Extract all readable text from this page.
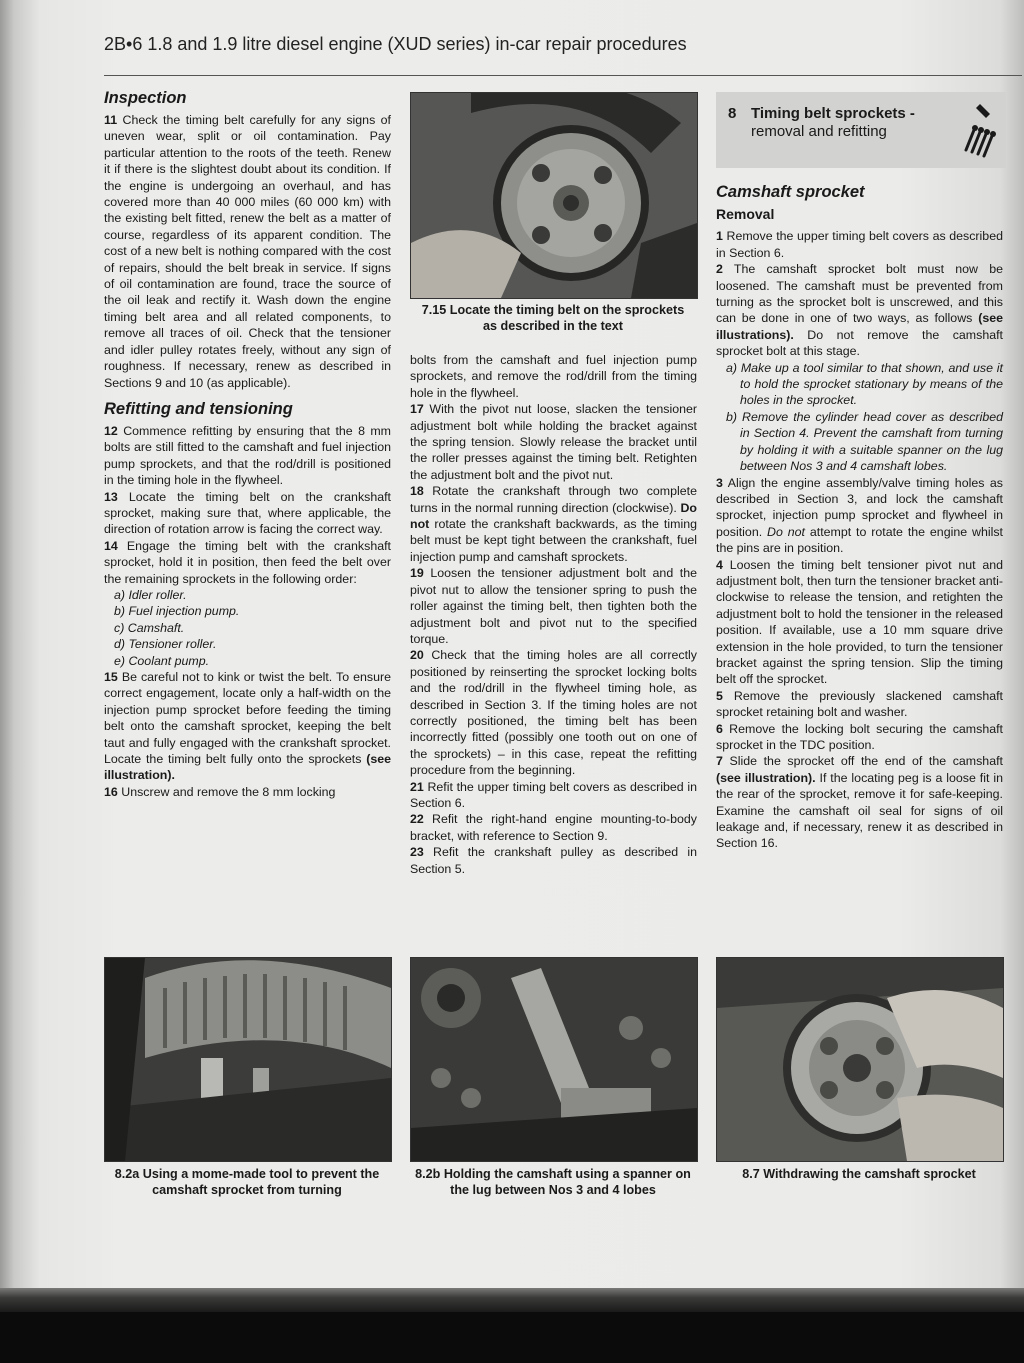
2B•6 1.8 and 1.9 litre diesel engine (XUD series) in-car repair procedures
Inspection

11 Check the timing belt carefully for any signs of uneven wear, split or oil contamination. Pay particular attention to the roots of the teeth. Renew it if there is the slightest doubt about its condition. If the engine is undergoing an overhaul, and has covered more than 40 000 miles (60 000 km) with the existing belt fitted, renew the belt as a matter of course, regardless of its apparent condition. The cost of a new belt is nothing compared with the cost of repairs, should the belt break in service. If signs of oil contamination are found, trace the source of the oil leak and rectify it. Wash down the engine timing belt area and all related components, to remove all traces of oil. Check that the tensioner and idler pulley rotates freely, without any sign of roughness. If necessary, renew as described in Sections 9 and 10 (as applicable).

Refitting and tensioning

12 Commence refitting by ensuring that the 8 mm bolts are still fitted to the camshaft and fuel injection pump sprockets, and that the rod/drill is positioned in the timing hole in the flywheel.

13 Locate the timing belt on the crankshaft sprocket, making sure that, where applicable, the direction of rotation arrow is facing the correct way.

14 Engage the timing belt with the crankshaft sprocket, hold it in position, then feed the belt over the remaining sprockets in the following order:

a) Idler roller.
b) Fuel injection pump.
c) Camshaft.
d) Tensioner roller.
e) Coolant pump.

15 Be careful not to kink or twist the belt. To ensure correct engagement, locate only a half-width on the injection pump sprocket before feeding the timing belt onto the camshaft sprocket, keeping the belt taut and fully engaged with the crankshaft sprocket. Locate the timing belt fully onto the sprockets (see illustration).

16 Unscrew and remove the 8 mm locking

7.15 Locate the timing belt on the sprockets as described in the text

bolts from the camshaft and fuel injection pump sprockets, and remove the rod/drill from the timing hole in the flywheel.

17 With the pivot nut loose, slacken the tensioner adjustment bolt while holding the bracket against the spring tension. Slowly release the bracket until the roller presses against the timing belt. Retighten the adjustment bolt and the pivot nut.

18 Rotate the crankshaft through two complete turns in the normal running direction (clockwise). Do not rotate the crankshaft backwards, as the timing belt must be kept tight between the crankshaft, fuel injection pump and camshaft sprockets.

19 Loosen the tensioner adjustment bolt and the pivot nut to allow the tensioner spring to push the roller against the timing belt, then tighten both the adjustment bolt and pivot nut to the specified torque.

20 Check that the timing holes are all correctly positioned by reinserting the sprocket locking bolts and the rod/drill in the flywheel timing hole, as described in Section 3. If the timing holes are not correctly positioned, the timing belt has been incorrectly fitted (possibly one tooth out on one of the sprockets) – in this case, repeat the refitting procedure from the beginning.

21 Refit the upper timing belt covers as described in Section 6.

22 Refit the right-hand engine mounting-to-body bracket, with reference to Section 9.

23 Refit the crankshaft pulley as described in Section 5.

8 Timing belt sprockets -
removal and refitting
Camshaft sprocket
Removal

1 Remove the upper timing belt covers as described in Section 6.

2 The camshaft sprocket bolt must now be loosened. The camshaft must be prevented from turning as the sprocket bolt is unscrewed, and this can be done in one of two ways, as follows (see illustrations). Do not remove the camshaft sprocket bolt at this stage.

a) Make up a tool similar to that shown, and use it to hold the sprocket stationary by means of the holes in the sprocket.
b) Remove the cylinder head cover as described in Section 4. Prevent the camshaft from turning by holding it with a suitable spanner on the lug between Nos 3 and 4 camshaft lobes.

3 Align the engine assembly/valve timing holes as described in Section 3, and lock the camshaft sprocket, injection pump sprocket and flywheel in position. Do not attempt to rotate the engine whilst the pins are in position.

4 Loosen the timing belt tensioner pivot nut and adjustment bolt, then turn the tensioner bracket anti-clockwise to release the tension, and retighten the adjustment bolt to hold the tensioner in the released position. If available, use a 10 mm square drive extension in the hole provided, to turn the tensioner bracket against the spring tension. Slip the timing belt off the sprocket.

5 Remove the previously slackened camshaft sprocket retaining bolt and washer.

6 Remove the locking bolt securing the camshaft sprocket in the TDC position.

7 Slide the sprocket off the end of the camshaft (see illustration). If the locating peg is a loose fit in the rear of the sprocket, remove it for safe-keeping. Examine the camshaft oil seal for signs of oil leakage and, if necessary, renew it as described in Section 16.

8.2a Using a mome-made tool to prevent the camshaft sprocket from turning
8.2b Holding the camshaft using a spanner on the lug between Nos 3 and 4 lobes
8.7 Withdrawing the camshaft sprocket
